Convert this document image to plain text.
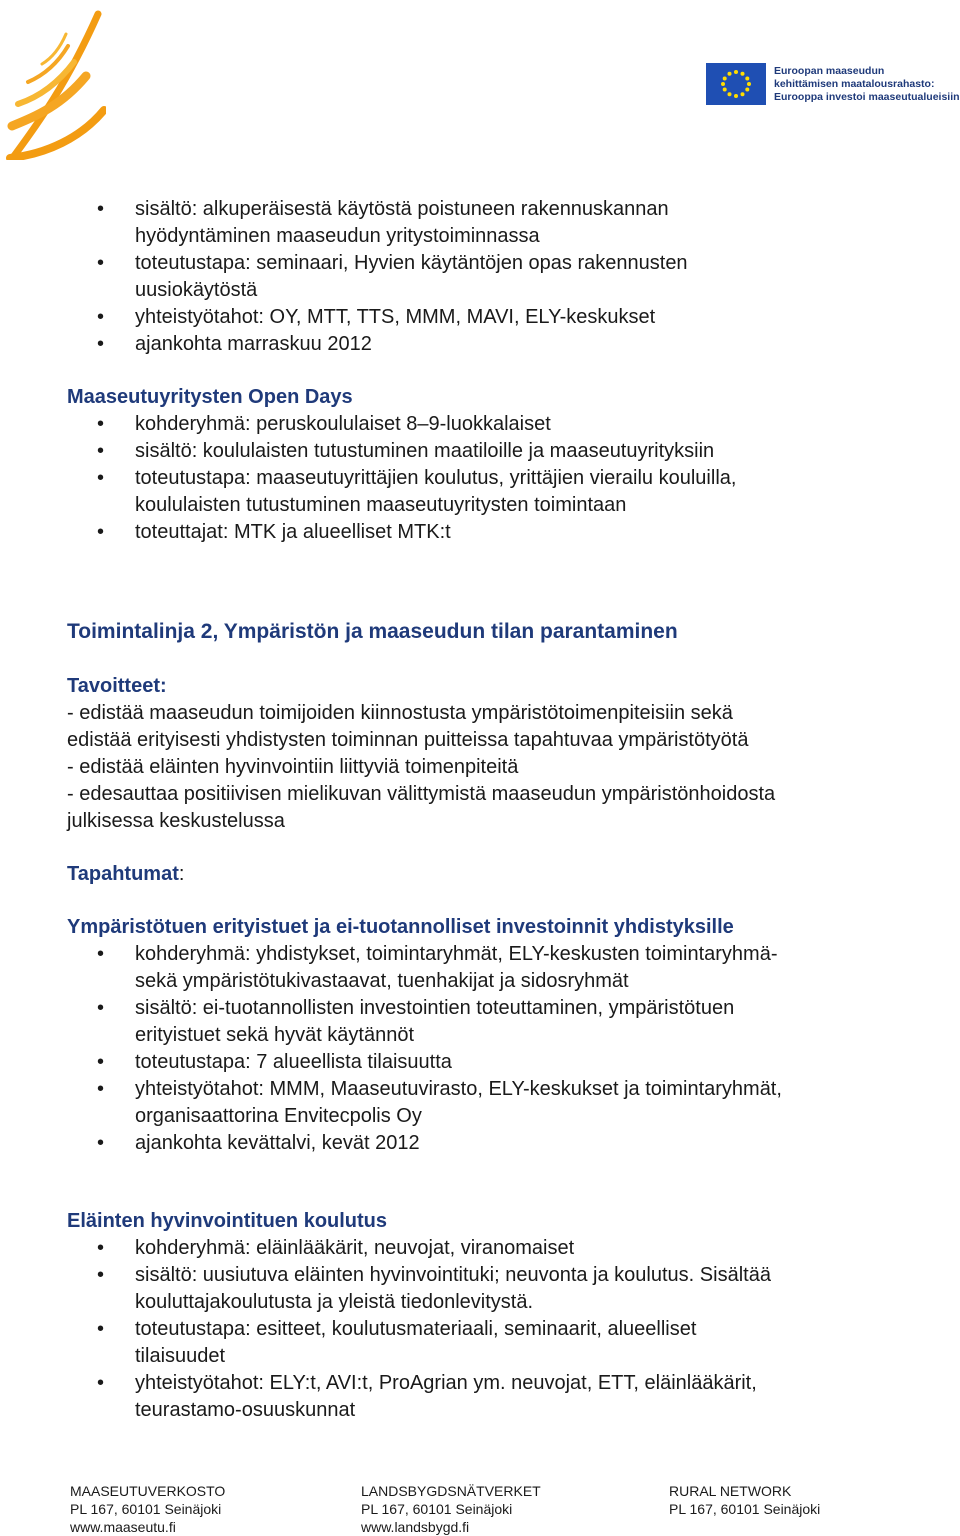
Euroopan maaseudun
kehittämisen maatalousrahasto:
Eurooppa investoi maaseutualueisiin
• sisältö: alkuperäisestä käytöstä poistuneen rakennuskannan
hyödyntäminen maaseudun yritystoiminnassa
• toteutustapa: seminaari, Hyvien käytäntöjen opas rakennusten
uusiokäytöstä
• yhteistyötahot: OY, MTT, TTS, MMM, MAVI, ELY-keskukset
• ajankohta marraskuu 2012
Maaseutuyritysten Open Days
• kohderyhmä: peruskoululaiset 8–9-luokkalaiset
• sisältö: koululaisten tutustuminen maatiloille ja maaseutuyrityksiin
• toteutustapa: maaseutuyrittäjien koulutus, yrittäjien vierailu kouluilla,
koululaisten tutustuminen maaseutuyritysten toimintaan
• toteuttajat: MTK ja alueelliset MTK:t
Toimintalinja 2, Ympäristön ja maaseudun tilan parantaminen
Tavoitteet:
- edistää maaseudun toimijoiden kiinnostusta ympäristötoimenpiteisiin sekä
edistää erityisesti yhdistysten toiminnan puitteissa tapahtuvaa ympäristötyötä
- edistää eläinten hyvinvointiin liittyviä toimenpiteitä
- edesauttaa positiivisen mielikuvan välittymistä maaseudun ympäristönhoidosta
julkisessa keskustelussa
Tapahtumat:
Ympäristötuen erityistuet ja ei-tuotannolliset investoinnit yhdistyksille
• kohderyhmä: yhdistykset, toimintaryhmät, ELY-keskusten toimintaryhmä-
sekä ympäristötukivastaavat, tuenhakijat ja sidosryhmät
• sisältö: ei-tuotannollisten investointien toteuttaminen, ympäristötuen
erityistuet sekä hyvät käytännöt
• toteutustapa: 7 alueellista tilaisuutta
• yhteistyötahot: MMM, Maaseutuvirasto, ELY-keskukset ja toimintaryhmät,
organisaattorina Envitecpolis Oy
• ajankohta kevättalvi, kevät 2012
Eläinten hyvinvointituen koulutus
• kohderyhmä: eläinlääkärit, neuvojat, viranomaiset
• sisältö: uusiutuva eläinten hyvinvointituki; neuvonta ja koulutus. Sisältää
kouluttajakoulutusta ja yleistä tiedonlevitystä.
• toteutustapa: esitteet, koulutusmateriaali, seminaarit, alueelliset
tilaisuudet
• yhteistyötahot: ELY:t, AVI:t, ProAgrian ym. neuvojat, ETT, eläinlääkärit,
teurastamo-osuuskunnat
MAASEUTUVERKOSTO
PL 167, 60101 Seinäjoki
www.maaseutu.fi
LANDSBYGDSNÄTVERKET
PL 167, 60101 Seinäjoki
www.landsbygd.fi
RURAL NETWORK
PL 167, 60101 Seinäjoki
